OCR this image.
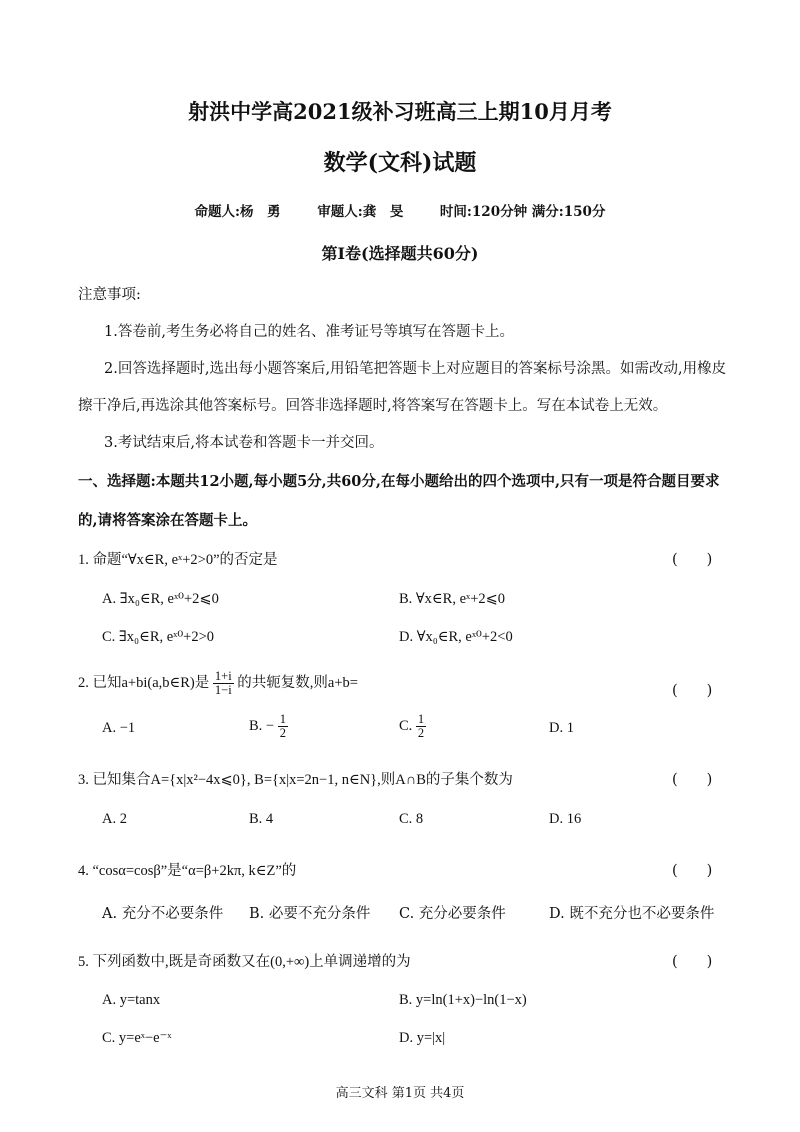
射洪中学高2021级补习班高三上期10月月考
数学(文科)试题
命题人:杨　勇	审题人:龚　旻	时间:120分钟 满分:150分
第Ⅰ卷(选择题共60分)
注意事项:
1.答卷前,考生务必将自己的姓名、准考证号等填写在答题卡上。
2.回答选择题时,选出每小题答案后,用铅笔把答题卡上对应题目的答案标号涂黑。如需改动,用橡皮
擦干净后,再选涂其他答案标号。回答非选择题时,将答案写在答题卡上。写在本试卷上无效。
3.考试结束后,将本试卷和答题卡一并交回。
一、选择题:本题共12小题,每小题5分,共60分,在每小题给出的四个选项中,只有一项是符合题目要求
的,请将答案涂在答题卡上。
1. 命题“∀x∈R, eˣ+2>0”的否定是	(　　)
A. ∃x₀∈R, eˣ⁰+2⩽0	B. ∀x∈R, eˣ+2⩽0
C. ∃x₀∈R, eˣ⁰+2>0	D. ∀x₀∈R, eˣ⁰+2<0
2. 已知a+bi(a,b∈R)是 $\frac{1+i}{1-i}$ 的共轭复数,则a+b=
(　　)
A. −1	B. − $\frac{1}{2}$	C. $\frac{1}{2}$	D. 1
3. 已知集合A={x|x²−4x⩽0}, B={x|x=2n−1, n∈N},则A∩B的子集个数为	(　　)
A. 2	B. 4	C. 8	D. 16
4. “cosα=cosβ”是“α=β+2kπ, k∈Z”的	(　　)
A. 充分不必要条件 B. 必要不充分条件 C. 充分必要条件	D. 既不充分也不必要条件
5. 下列函数中,既是奇函数又在(0,+∞)上单调递增的为	(　　)
A. y=tanx	B. y=ln(1+x)−ln(1−x)
C. y=eˣ−e⁻ˣ	D. y=|x|
高三文科 第1页 共4页
